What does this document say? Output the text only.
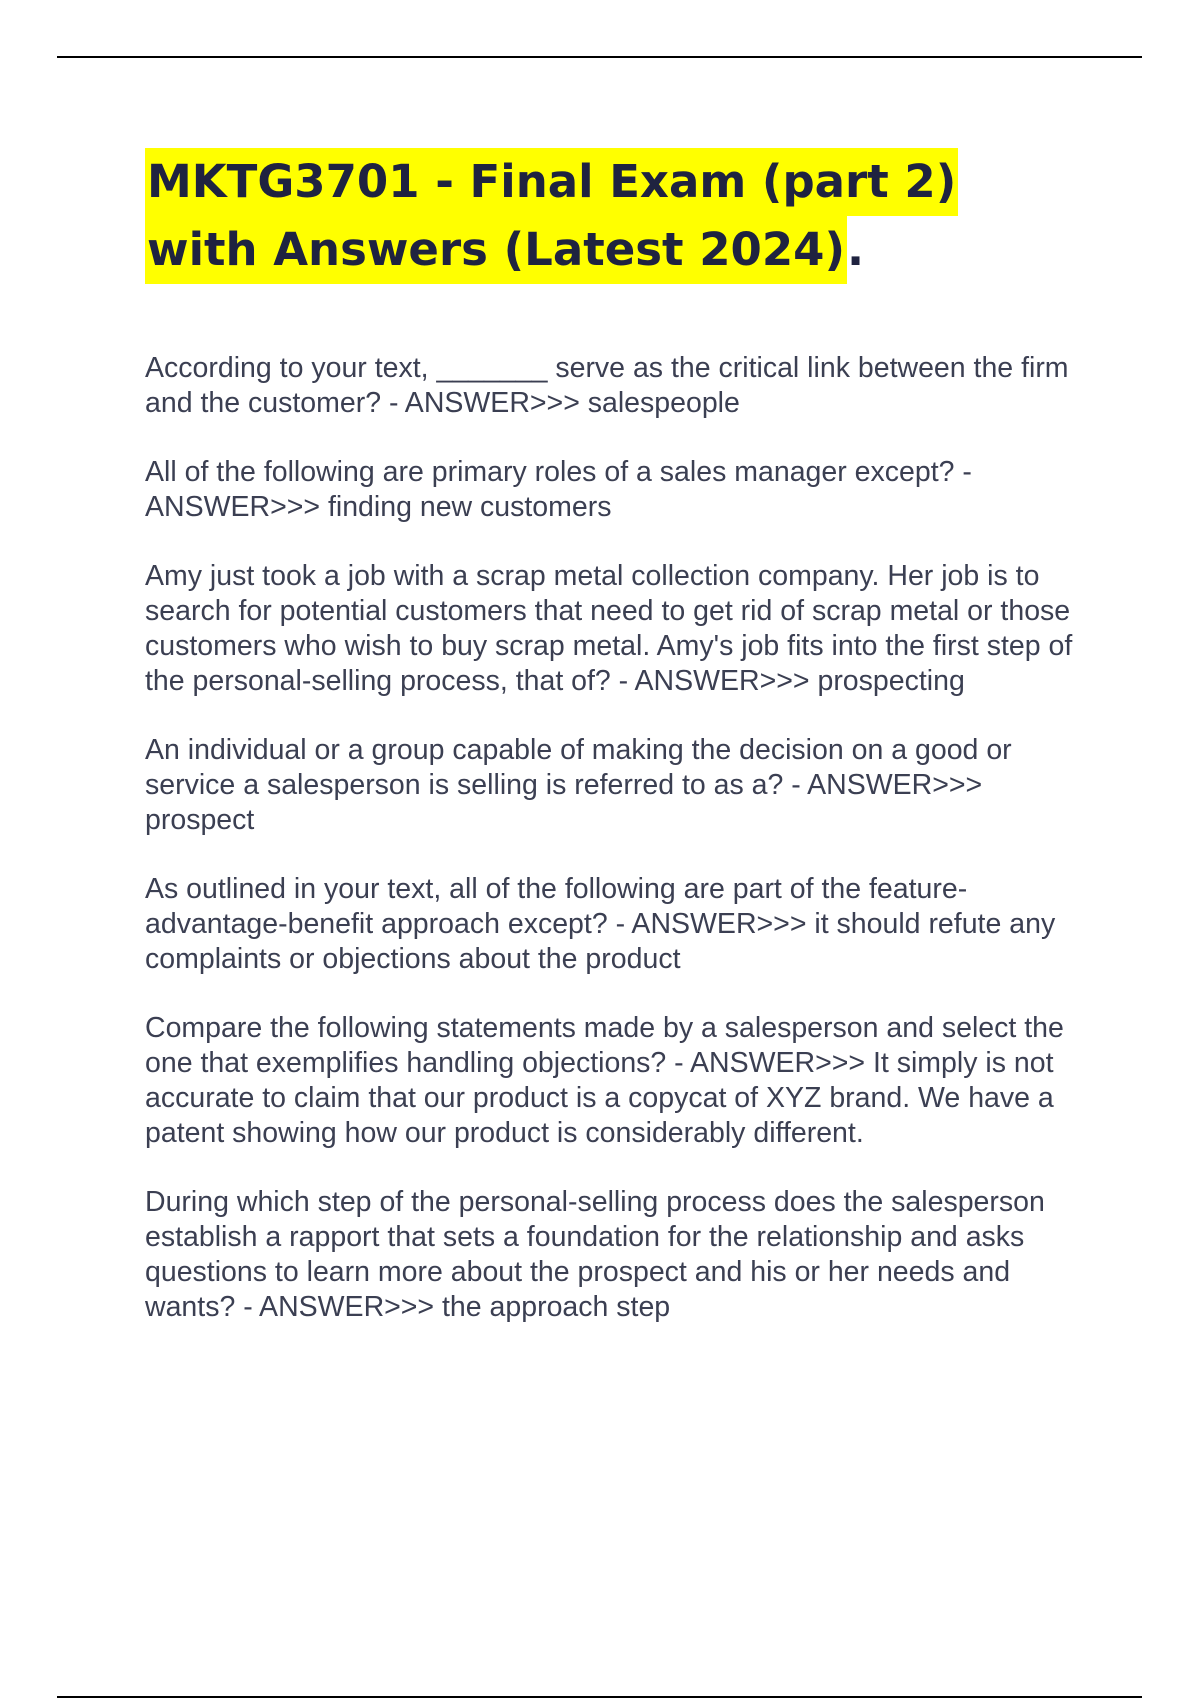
MKTG3701 - Final Exam (part 2)
with Answers (Latest 2024).

According to your text, _______ serve as the critical link between the firm and the customer? - ANSWER>>> salespeople

All of the following are primary roles of a sales manager except? - ANSWER>>> finding new customers

Amy just took a job with a scrap metal collection company. Her job is to search for potential customers that need to get rid of scrap metal or those customers who wish to buy scrap metal. Amy's job fits into the first step of the personal-selling process, that of? - ANSWER>>> prospecting

An individual or a group capable of making the decision on a good or service a salesperson is selling is referred to as a? - ANSWER>>> prospect

As outlined in your text, all of the following are part of the feature-advantage-benefit approach except? - ANSWER>>> it should refute any complaints or objections about the product

Compare the following statements made by a salesperson and select the one that exemplifies handling objections? - ANSWER>>> It simply is not accurate to claim that our product is a copycat of XYZ brand. We have a patent showing how our product is considerably different.

During which step of the personal-selling process does the salesperson establish a rapport that sets a foundation for the relationship and asks questions to learn more about the prospect and his or her needs and wants? - ANSWER>>> the approach step
